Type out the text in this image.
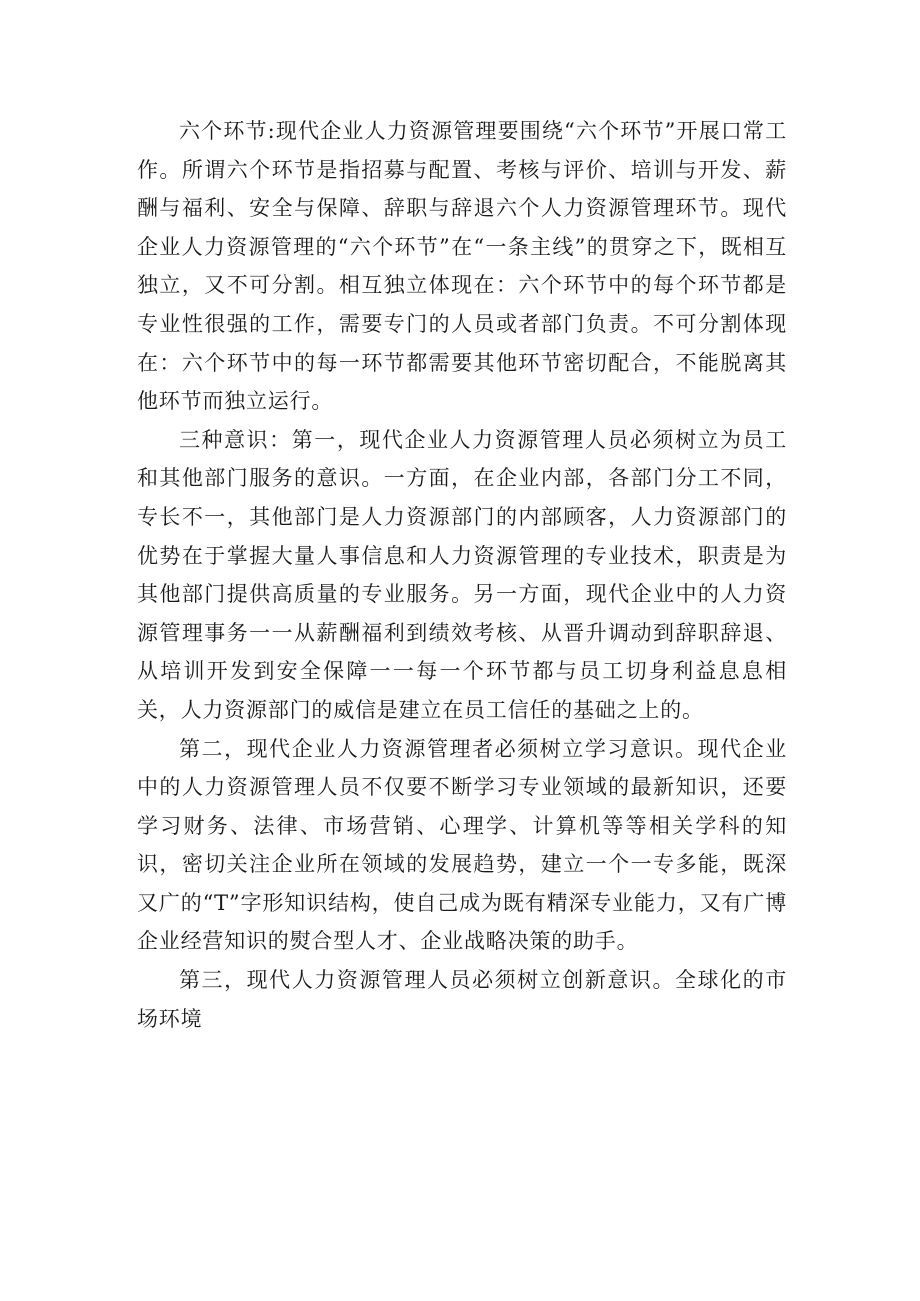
六个环节:现代企业人力资源管理要围绕“六个环节”开展口常工作。所谓六个环节是指招募与配置、考核与评价、培训与开发、薪酬与福利、安全与保障、辞职与辞退六个人力资源管理环节。现代企业人力资源管理的“六个环节”在“一条主线”的贯穿之下，既相互独立，又不可分割。相互独立体现在：六个环节中的每个环节都是专业性很强的工作，需要专门的人员或者部门负责。不可分割体现在：六个环节中的每一环节都需要其他环节密切配合，不能脱离其他环节而独立运行。

三种意识：第一，现代企业人力资源管理人员必须树立为员工和其他部门服务的意识。一方面，在企业内部，各部门分工不同，专长不一，其他部门是人力资源部门的内部顾客，人力资源部门的优势在于掌握大量人事信息和人力资源管理的专业技术，职责是为其他部门提供高质量的专业服务。另一方面，现代企业中的人力资源管理事务一一从薪酬福利到绩效考核、从晋升调动到辞职辞退、从培训开发到安全保障一一每一个环节都与员工切身利益息息相关，人力资源部门的威信是建立在员工信任的基础之上的。

第二，现代企业人力资源管理者必须树立学习意识。现代企业中的人力资源管理人员不仅要不断学习专业领域的最新知识，还要学习财务、法律、市场营销、心理学、计算机等等相关学科的知识，密切关注企业所在领域的发展趋势，建立一个一专多能，既深又广的“T”字形知识结构，使自己成为既有精深专业能力，又有广博企业经营知识的熨合型人才、企业战略决策的助手。

第三，现代人力资源管理人员必须树立创新意识。全球化的市场环境
